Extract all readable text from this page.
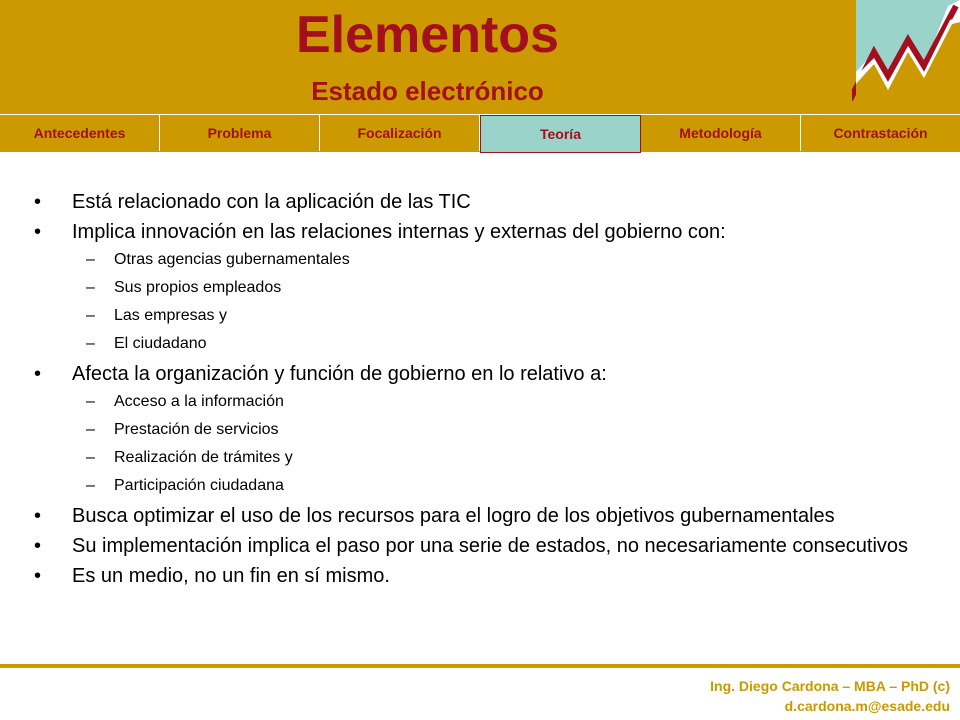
Elementos
Estado electrónico
Antecedentes	Problema	Focalización	Teoría	Metodología	Contrastación
• Está relacionado con la aplicación de las TIC
• Implica innovación en las relaciones internas y externas del gobierno con:
– Otras agencias gubernamentales
– Sus propios empleados
– Las empresas y
– El ciudadano
• Afecta la organización y función de gobierno en lo relativo a:
– Acceso a la información
– Prestación de servicios
– Realización de trámites y
– Participación ciudadana
• Busca optimizar el uso de los recursos para el logro de los objetivos gubernamentales
• Su implementación implica el paso por una serie de estados, no necesariamente consecutivos
• Es un medio, no un fin en sí mismo.
Ing. Diego Cardona – MBA – PhD (c)
d.cardona.m@esade.edu
